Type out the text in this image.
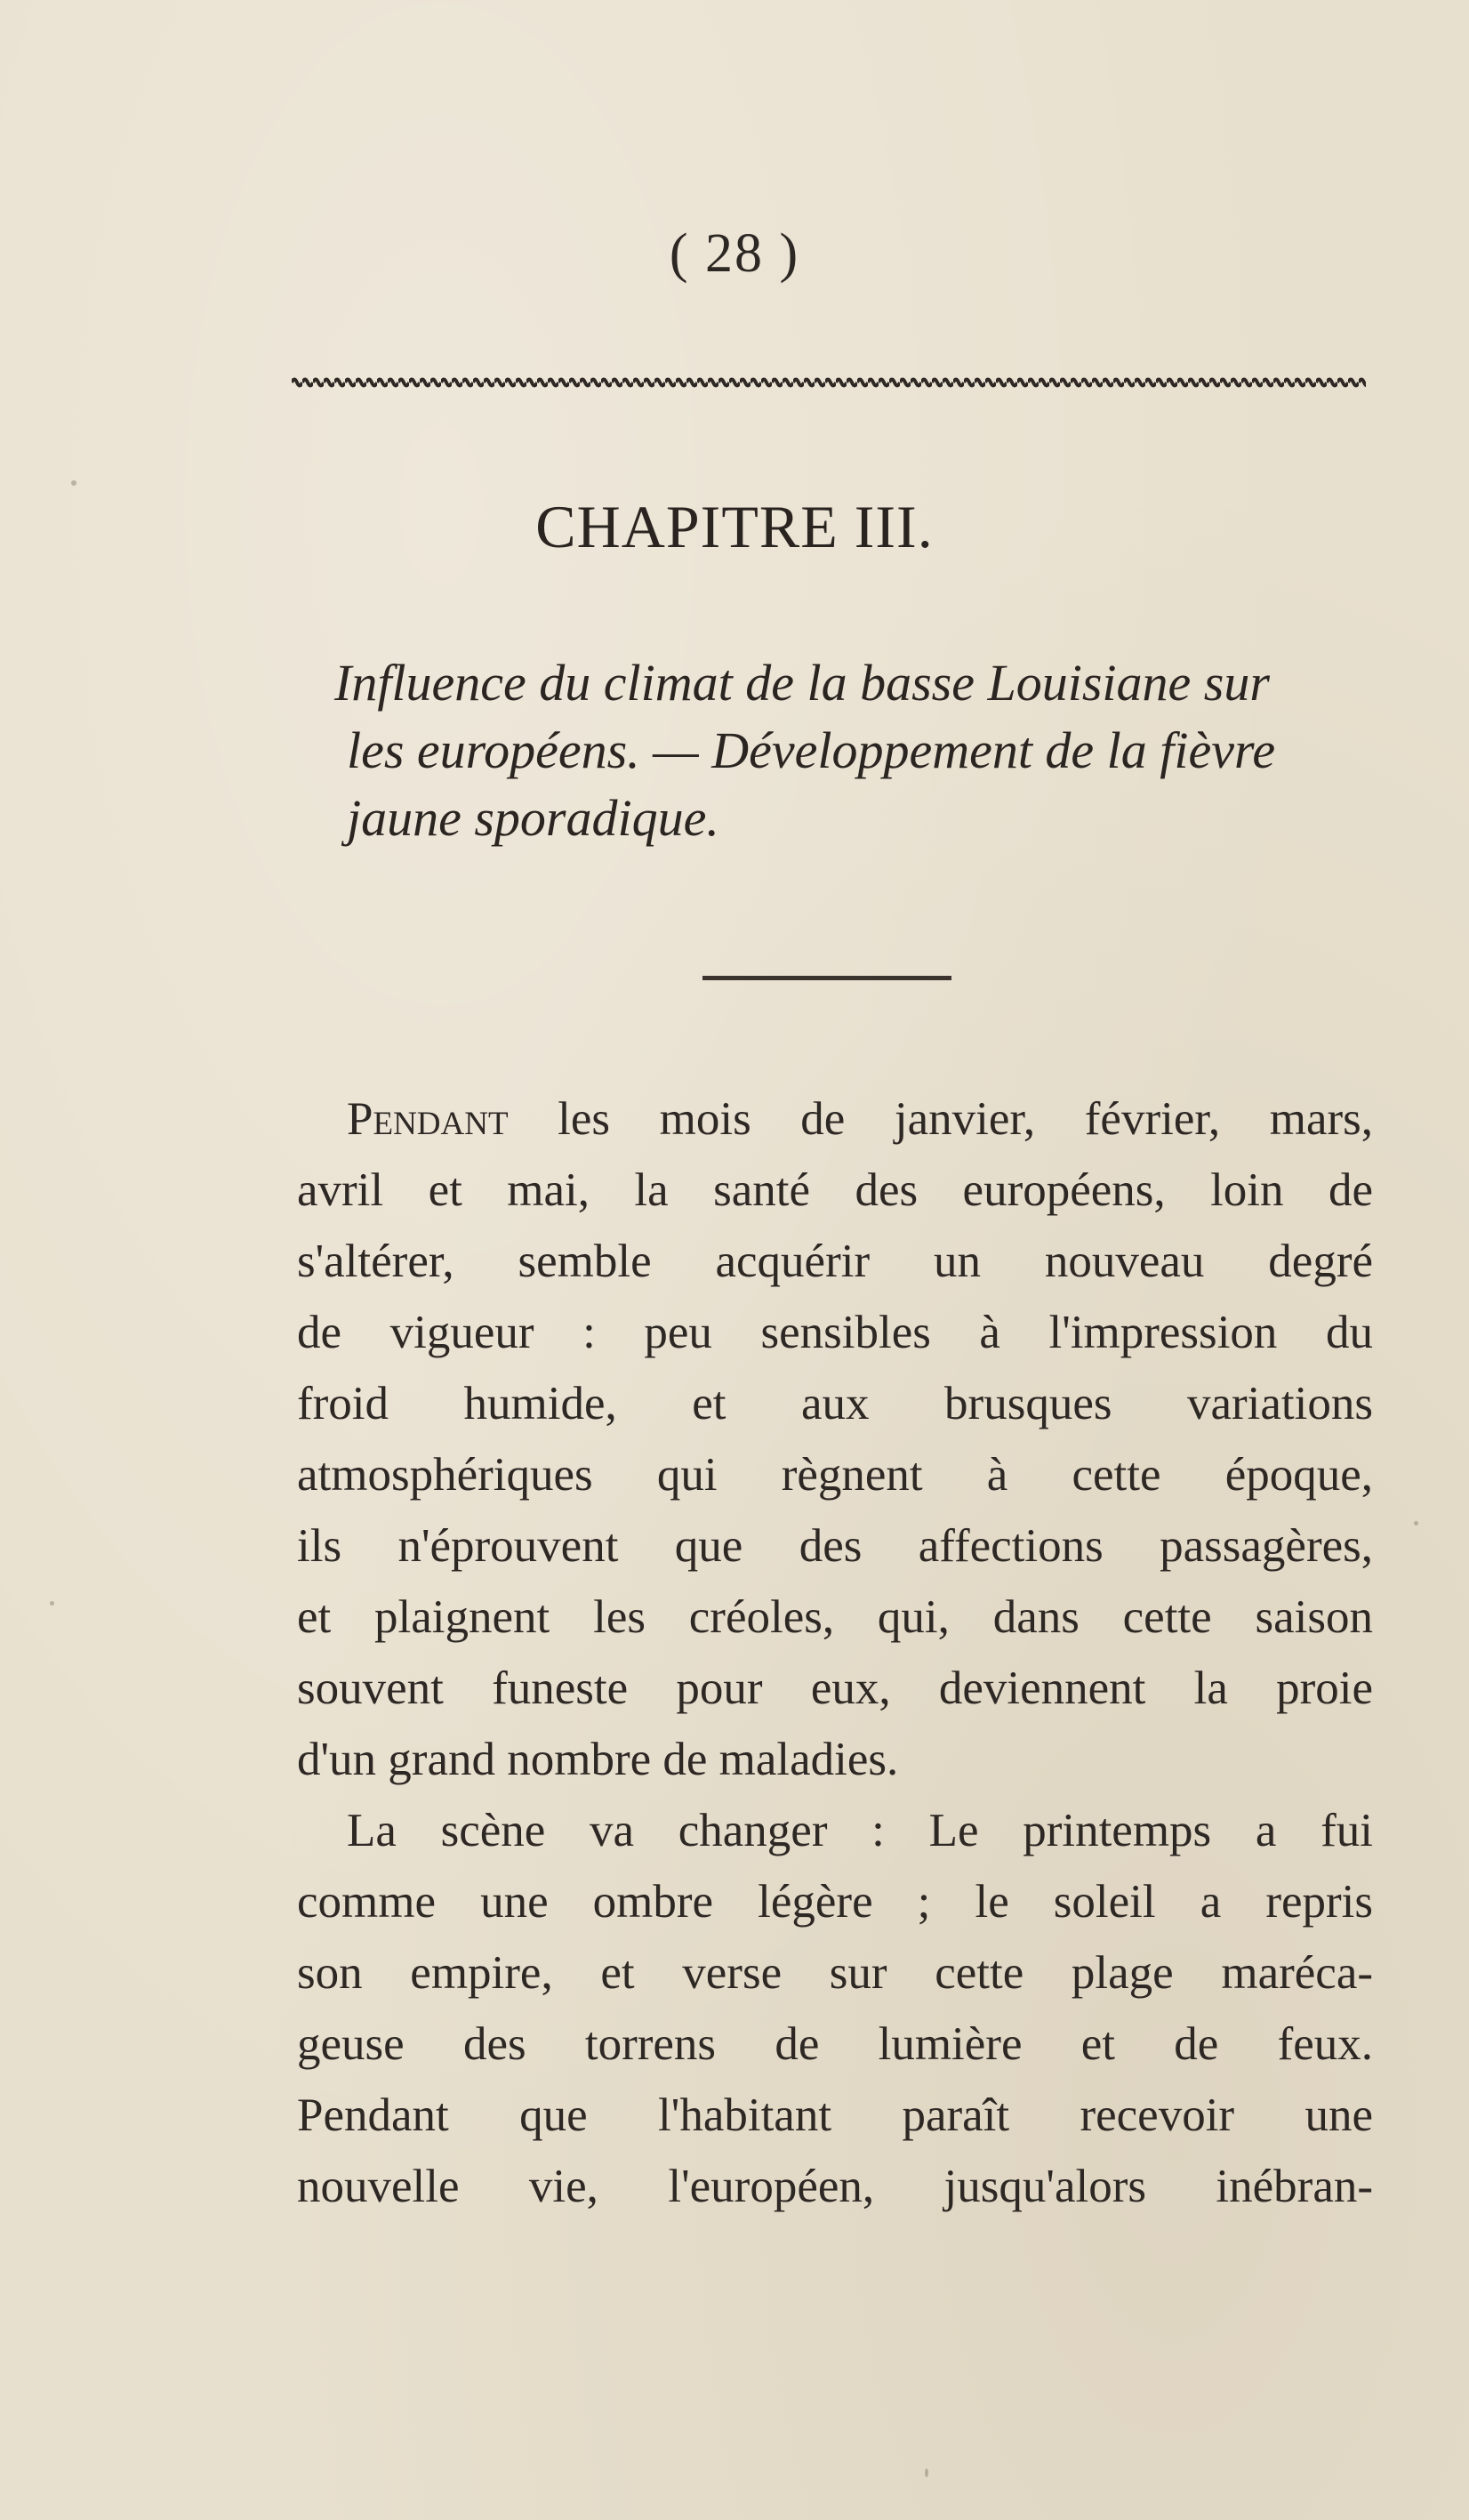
( 28 )
CHAPITRE III.
Influence du climat de la basse Louisiane sur
les européens. — Développement de la fièvre
jaune sporadique.
Pendant les mois de janvier, février, mars,
avril et mai, la santé des européens, loin de
s'altérer, semble acquérir un nouveau degré
de vigueur : peu sensibles à l'impression du
froid humide, et aux brusques variations
atmosphériques qui règnent à cette époque,
ils n'éprouvent que des affections passagères,
et plaignent les créoles, qui, dans cette saison
souvent funeste pour eux, deviennent la proie
d'un grand nombre de maladies.
La scène va changer : Le printemps a fui
comme une ombre légère ; le soleil a repris
son empire, et verse sur cette plage maréca-
geuse des torrens de lumière et de feux.
Pendant que l'habitant paraît recevoir une
nouvelle vie, l'européen, jusqu'alors inébran-
